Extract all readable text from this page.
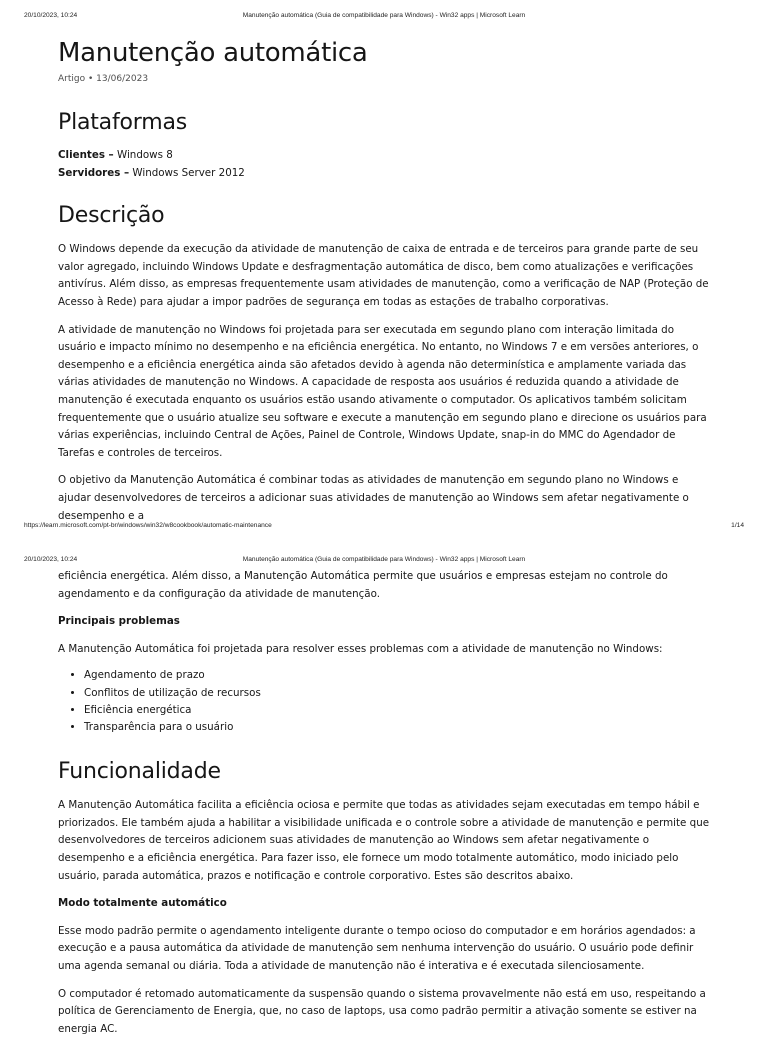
20/10/2023, 10:24	Manutenção automática (Guia de compatibilidade para Windows) - Win32 apps | Microsoft Learn
Manutenção automática
Artigo • 13/06/2023
Plataformas

Clientes – Windows 8

Servidores – Windows Server 2012

Descrição

O Windows depende da execução da atividade de manutenção de caixa de entrada e de terceiros para grande parte de seu valor agregado, incluindo Windows Update e desfragmentação automática de disco, bem como atualizações e verificações antivírus. Além disso, as empresas frequentemente usam atividades de manutenção, como a verificação de NAP (Proteção de Acesso à Rede) para ajudar a impor padrões de segurança em todas as estações de trabalho corporativas.

A atividade de manutenção no Windows foi projetada para ser executada em segundo plano com interação limitada do usuário e impacto mínimo no desempenho e na eficiência energética. No entanto, no Windows 7 e em versões anteriores, o desempenho e a eficiência energética ainda são afetados devido à agenda não determinística e amplamente variada das várias atividades de manutenção no Windows. A capacidade de resposta aos usuários é reduzida quando a atividade de manutenção é executada enquanto os usuários estão usando ativamente o computador. Os aplicativos também solicitam frequentemente que o usuário atualize seu software e execute a manutenção em segundo plano e direcione os usuários para várias experiências, incluindo Central de Ações, Painel de Controle, Windows Update, snap-in do MMC do Agendador de Tarefas e controles de terceiros.

O objetivo da Manutenção Automática é combinar todas as atividades de manutenção em segundo plano no Windows e ajudar desenvolvedores de terceiros a adicionar suas atividades de manutenção ao Windows sem afetar negativamente o desempenho e a

https://learn.microsoft.com/pt-br/windows/win32/w8cookbook/automatic-maintenance	1/14
20/10/2023, 10:24	Manutenção automática (Guia de compatibilidade para Windows) - Win32 apps | Microsoft Learn

eficiência energética. Além disso, a Manutenção Automática permite que usuários e empresas estejam no controle do agendamento e da configuração da atividade de manutenção.

Principais problemas

A Manutenção Automática foi projetada para resolver esses problemas com a atividade de manutenção no Windows:

• Agendamento de prazo
• Conflitos de utilização de recursos
• Eficiência energética
• Transparência para o usuário
Funcionalidade

A Manutenção Automática facilita a eficiência ociosa e permite que todas as atividades sejam executadas em tempo hábil e priorizados. Ele também ajuda a habilitar a visibilidade unificada e o controle sobre a atividade de manutenção e permite que desenvolvedores de terceiros adicionem suas atividades de manutenção ao Windows sem afetar negativamente o desempenho e a eficiência energética. Para fazer isso, ele fornece um modo totalmente automático, modo iniciado pelo usuário, parada automática, prazos e notificação e controle corporativo. Estes são descritos abaixo.

Modo totalmente automático

Esse modo padrão permite o agendamento inteligente durante o tempo ocioso do computador e em horários agendados: a execução e a pausa automática da atividade de manutenção sem nenhuma intervenção do usuário. O usuário pode definir uma agenda semanal ou diária. Toda a atividade de manutenção não é interativa e é executada silenciosamente.

O computador é retomado automaticamente da suspensão quando o sistema provavelmente não está em uso, respeitando a política de Gerenciamento de Energia, que, no caso de laptops, usa como padrão permitir a ativação somente se estiver na energia AC.
